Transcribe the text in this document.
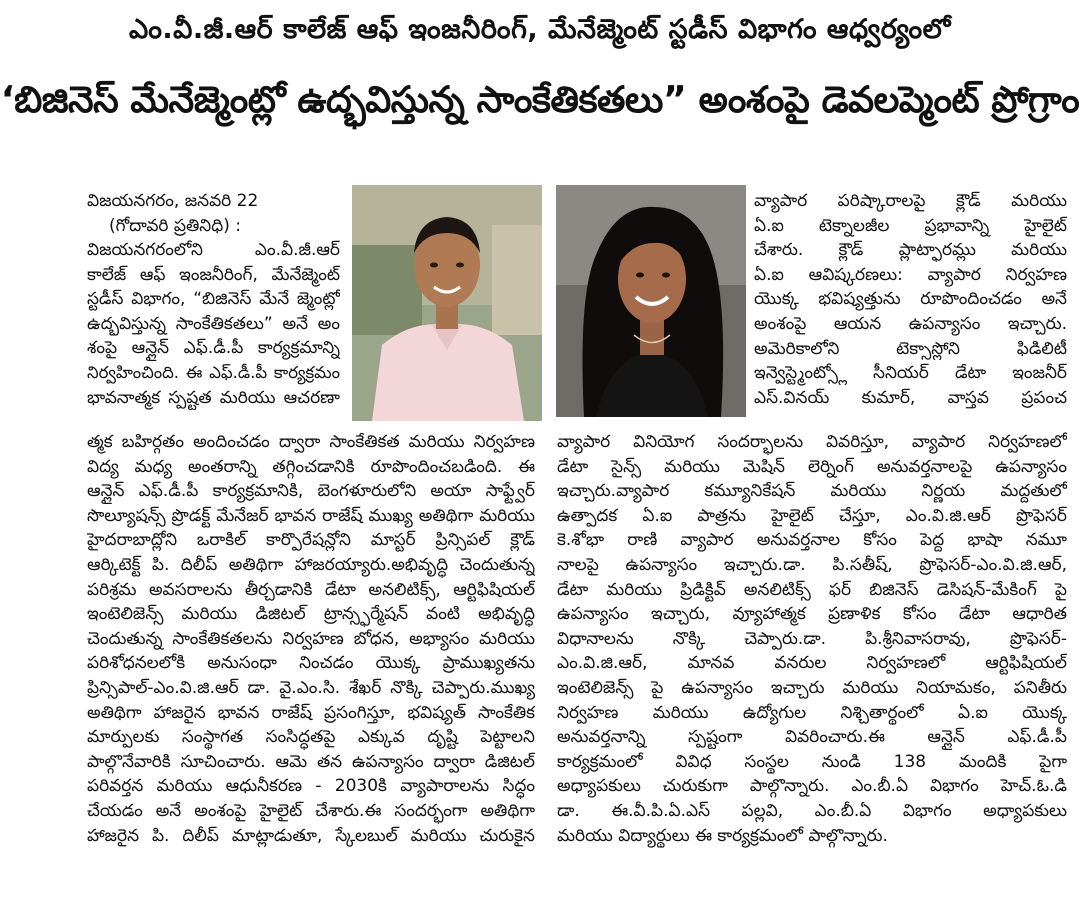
ఎం.వీ.జీ.ఆర్ కాలేజ్ ఆఫ్ ఇంజనీరింగ్, మేనేజ్మెంట్ స్టడీస్ విభాగం ఆధ్వర్యంలో
‘బిజినెస్ మేనేజ్మెంట్లో ఉద్భవిస్తున్న సాంకేతికతలు” అంశంపై డెవలప్మెంట్ ప్రోగ్రాం
విజయనగరం, జనవరి 22
(గోదావరి ప్రతినిధి) :
విజయనగరంలోని ఎం.వీ.జీ.ఆర్
కాలేజ్ ఆఫ్ ఇంజనీరింగ్, మేనేజ్మెంట్
స్టడీస్ విభాగం, “బిజినెస్ మేనే జ్మెంట్లో
ఉద్భవిస్తున్న సాంకేతికతలు” అనే అం
శంపై ఆన్లైన్ ఎఫ్.డీ.పీ కార్యక్రమాన్ని
నిర్వహించింది. ఈ ఎఫ్.డీ.పీ కార్యక్రమం
భావనాత్మక స్పష్టత మరియు ఆచరణా
త్మక బహిర్గతం అందించడం ద్వారా సాంకేతికత మరియు నిర్వహణ
విద్య మధ్య అంతరాన్ని తగ్గించడానికి రూపొందించబడింది. ఈ
ఆన్లైన్ ఎఫ్.డీ.పీ కార్యక్రమానికి, బెంగళూరులోని అయా సాఫ్ట్వేర్
సొల్యూషన్స్ ప్రొడక్ట్ మేనేజర్ భావన రాజేష్ ముఖ్య అతిథిగా మరియు
హైదరాబాద్లోని ఒరాకిల్ కార్పొరేషన్లోని మాస్టర్ ప్రిన్సిపల్ క్లౌడ్
ఆర్కిటెక్ట్ పి. దిలీప్ అతిథిగా హాజరయ్యారు.అభివృద్ధి చెందుతున్న
పరిశ్రమ అవసరాలను తీర్చడానికి డేటా అనలిటిక్స్, ఆర్టిఫిషియల్
ఇంటెలిజెన్స్ మరియు డిజిటల్ ట్రాన్స్ఫర్మేషన్ వంటి అభివృద్ధి
చెందుతున్న సాంకేతికతలను నిర్వహణ బోధన, అభ్యాసం మరియు
పరిశోధనలలోకి అనుసంధా నించడం యొక్క ప్రాముఖ్యతను
ప్రిన్సిపాల్-ఎం.వి.జి.ఆర్ డా. వై.ఎం.సి. శేఖర్ నొక్కి చెప్పారు.ముఖ్య
అతిథిగా హాజరైన భావన రాజేష్ ప్రసంగిస్తూ, భవిష్యత్ సాంకేతిక
మార్పులకు సంస్థాగత సంసిద్ధతపై ఎక్కువ దృష్టి పెట్టాలని
పాల్గొనేవారికి సూచించారు. ఆమె తన ఉపన్యాసం ద్వారా డిజిటల్
పరివర్తన మరియు ఆధునీకరణ - 2030కి వ్యాపారాలను సిద్ధం
చేయడం అనే అంశంపై హైలైట్ చేశారు.ఈ సందర్భంగా అతిథిగా
హాజరైన పి. దిలీప్ మాట్లాడుతూ, స్కేలబుల్ మరియు చురుకైన
వ్యాపార పరిష్కారాలపై క్లౌడ్ మరియు
ఏ.ఐ టెక్నాలజీల ప్రభావాన్ని హైలైట్
చేశారు. క్లౌడ్ ప్లాట్ఫారమ్లు మరియు
ఏ.ఐ ఆవిష్కరణలు: వ్యాపార నిర్వహణ
యొక్క భవిష్యత్తును రూపొందించడం అనే
అంశంపై ఆయన ఉపన్యాసం ఇచ్చారు.
అమెరికాలోని టెక్సాస్లోని ఫిడిలిటీ
ఇన్వెస్ట్మెంట్స్లో సీనియర్ డేటా ఇంజనీర్
ఎస్.వినయ్ కుమార్, వాస్తవ ప్రపంచ
వ్యాపార వినియోగ సందర్భాలను వివరిస్తూ, వ్యాపార నిర్వహణలో
డేటా సైన్స్ మరియు మెషిన్ లెర్నింగ్ అనువర్తనాలపై ఉపన్యాసం
ఇచ్చారు.వ్యాపార కమ్యూనికేషన్ మరియు నిర్ణయ మద్దతులో
ఉత్పాదక ఏ.ఐ పాత్రను హైలైట్ చేస్తూ, ఎం.వి.జి.ఆర్ ప్రొఫెసర్
కె.శోభా రాణి వ్యాపార అనువర్తనాల కోసం పెద్ద భాషా నమూ
నాలపై ఉపన్యాసం ఇచ్చారు.డా. పి.సతీష్, ప్రొఫెసర్-ఎం.వి.జి.ఆర్,
డేటా మరియు ప్రిడిక్టివ్ అనలిటిక్స్ ఫర్ బిజినెస్ డెసిషన్-మేకింగ్ పై
ఉపన్యాసం ఇచ్చారు, వ్యూహాత్మక ప్రణాళిక కోసం డేటా ఆధారిత
విధానాలను నొక్కి చెప్పారు.డా. పి.శ్రీనివాసరావు, ప్రొఫెసర్-
ఎం.వి.జి.ఆర్, మానవ వనరుల నిర్వహణలో ఆర్టిఫిషియల్
ఇంటెలిజెన్స్ పై ఉపన్యాసం ఇచ్చారు మరియు నియామకం, పనితీరు
నిర్వహణ మరియు ఉద్యోగుల నిశ్చితార్థంలో ఏ.ఐ యొక్క
అనువర్తనాన్ని స్పష్టంగా వివరించారు.ఈ ఆన్లైన్ ఎఫ్.డీ.పీ
కార్యక్రమంలో వివిధ సంస్థల నుండి 138 మందికి పైగా
అధ్యాపకులు చురుకుగా పాల్గొన్నారు. ఎం.బీ.ఏ విభాగం హెచ్.ఓ.డి
డా. ఈ.వీ.పి.ఏ.ఎస్ పల్లవి, ఎం.బీ.ఏ విభాగం అధ్యాపకులు
మరియు విద్యార్థులు ఈ కార్యక్రమంలో పాల్గొన్నారు.
